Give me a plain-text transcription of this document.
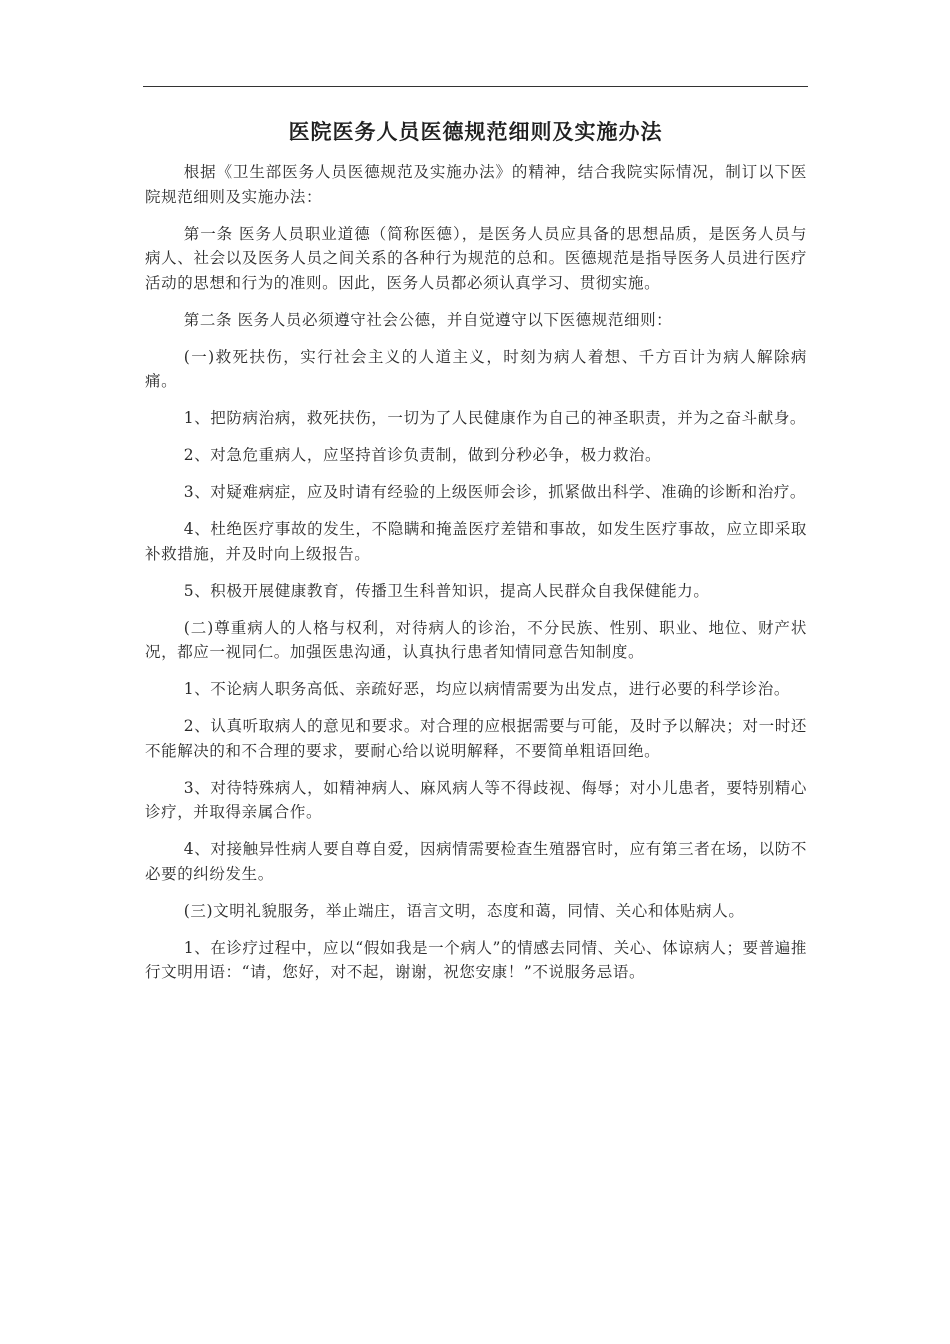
医院医务人员医德规范细则及实施办法

根据《卫生部医务人员医德规范及实施办法》的精神，结合我院实际情况，制订以下医院规范细则及实施办法：

第一条 医务人员职业道德（简称医德），是医务人员应具备的思想品质，是医务人员与病人、社会以及医务人员之间关系的各种行为规范的总和。医德规范是指导医务人员进行医疗活动的思想和行为的准则。因此，医务人员都必须认真学习、贯彻实施。

第二条 医务人员必须遵守社会公德，并自觉遵守以下医德规范细则：

(一)救死扶伤，实行社会主义的人道主义，时刻为病人着想、千方百计为病人解除病痛。

1、把防病治病，救死扶伤，一切为了人民健康作为自己的神圣职责，并为之奋斗献身。

2、对急危重病人，应坚持首诊负责制，做到分秒必争，极力救治。

3、对疑难病症，应及时请有经验的上级医师会诊，抓紧做出科学、准确的诊断和治疗。

4、杜绝医疗事故的发生，不隐瞒和掩盖医疗差错和事故，如发生医疗事故，应立即采取补救措施，并及时向上级报告。

5、积极开展健康教育，传播卫生科普知识，提高人民群众自我保健能力。

(二)尊重病人的人格与权利，对待病人的诊治，不分民族、性别、职业、地位、财产状况，都应一视同仁。加强医患沟通，认真执行患者知情同意告知制度。

1、不论病人职务高低、亲疏好恶，均应以病情需要为出发点，进行必要的科学诊治。

2、认真听取病人的意见和要求。对合理的应根据需要与可能，及时予以解决；对一时还不能解决的和不合理的要求，要耐心给以说明解释，不要简单粗语回绝。

3、对待特殊病人，如精神病人、麻风病人等不得歧视、侮辱；对小儿患者，要特别精心诊疗，并取得亲属合作。

4、对接触异性病人要自尊自爱，因病情需要检查生殖器官时，应有第三者在场，以防不必要的纠纷发生。

(三)文明礼貌服务，举止端庄，语言文明，态度和蔼，同情、关心和体贴病人。

1、在诊疗过程中，应以“假如我是一个病人”的情感去同情、关心、体谅病人；要普遍推行文明用语：“请，您好，对不起，谢谢，祝您安康！”不说服务忌语。
